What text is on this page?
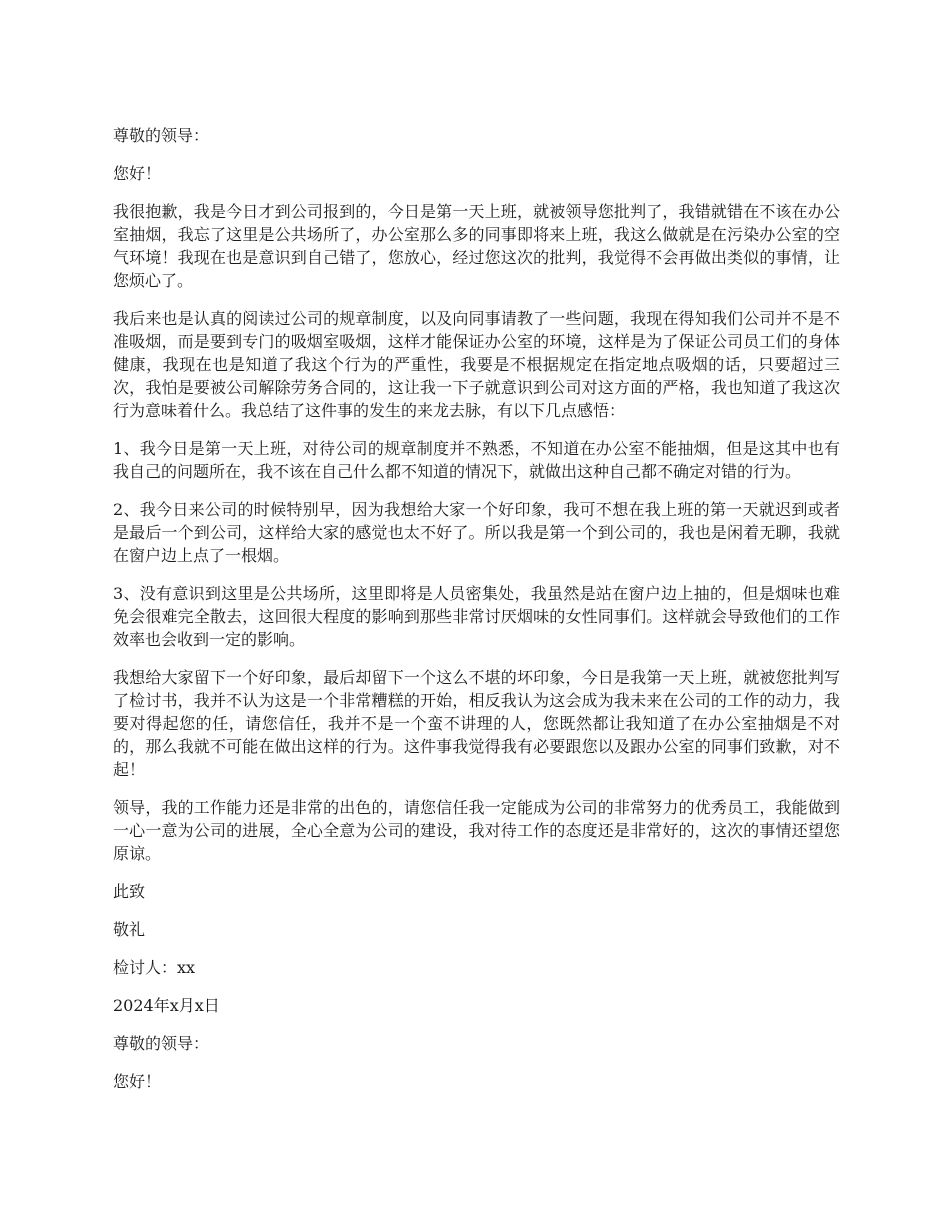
尊敬的领导：

您好！

我很抱歉，我是今日才到公司报到的，今日是第一天上班，就被领导您批判了，我错就错在不该在办公室抽烟，我忘了这里是公共场所了，办公室那么多的同事即将来上班，我这么做就是在污染办公室的空气环境！我现在也是意识到自己错了，您放心，经过您这次的批判，我觉得不会再做出类似的事情，让您烦心了。

我后来也是认真的阅读过公司的规章制度，以及向同事请教了一些问题，我现在得知我们公司并不是不准吸烟，而是要到专门的吸烟室吸烟，这样才能保证办公室的环境，这样是为了保证公司员工们的身体健康，我现在也是知道了我这个行为的严重性，我要是不根据规定在指定地点吸烟的话，只要超过三次，我怕是要被公司解除劳务合同的，这让我一下子就意识到公司对这方面的严格，我也知道了我这次行为意味着什么。我总结了这件事的发生的来龙去脉，有以下几点感悟：

1、我今日是第一天上班，对待公司的规章制度并不熟悉，不知道在办公室不能抽烟，但是这其中也有我自己的问题所在，我不该在自己什么都不知道的情况下，就做出这种自己都不确定对错的行为。

2、我今日来公司的时候特别早，因为我想给大家一个好印象，我可不想在我上班的第一天就迟到或者是最后一个到公司，这样给大家的感觉也太不好了。所以我是第一个到公司的，我也是闲着无聊，我就在窗户边上点了一根烟。

3、没有意识到这里是公共场所，这里即将是人员密集处，我虽然是站在窗户边上抽的，但是烟味也难免会很难完全散去，这回很大程度的影响到那些非常讨厌烟味的女性同事们。这样就会导致他们的工作效率也会收到一定的影响。

我想给大家留下一个好印象，最后却留下一个这么不堪的坏印象，今日是我第一天上班，就被您批判写了检讨书，我并不认为这是一个非常糟糕的开始，相反我认为这会成为我未来在公司的工作的动力，我要对得起您的任，请您信任，我并不是一个蛮不讲理的人，您既然都让我知道了在办公室抽烟是不对的，那么我就不可能在做出这样的行为。这件事我觉得我有必要跟您以及跟办公室的同事们致歉，对不起！

领导，我的工作能力还是非常的出色的，请您信任我一定能成为公司的非常努力的优秀员工，我能做到一心一意为公司的进展，全心全意为公司的建设，我对待工作的态度还是非常好的，这次的事情还望您原谅。

此致

敬礼

检讨人：xx

2024年x月x日

尊敬的领导：

您好！
